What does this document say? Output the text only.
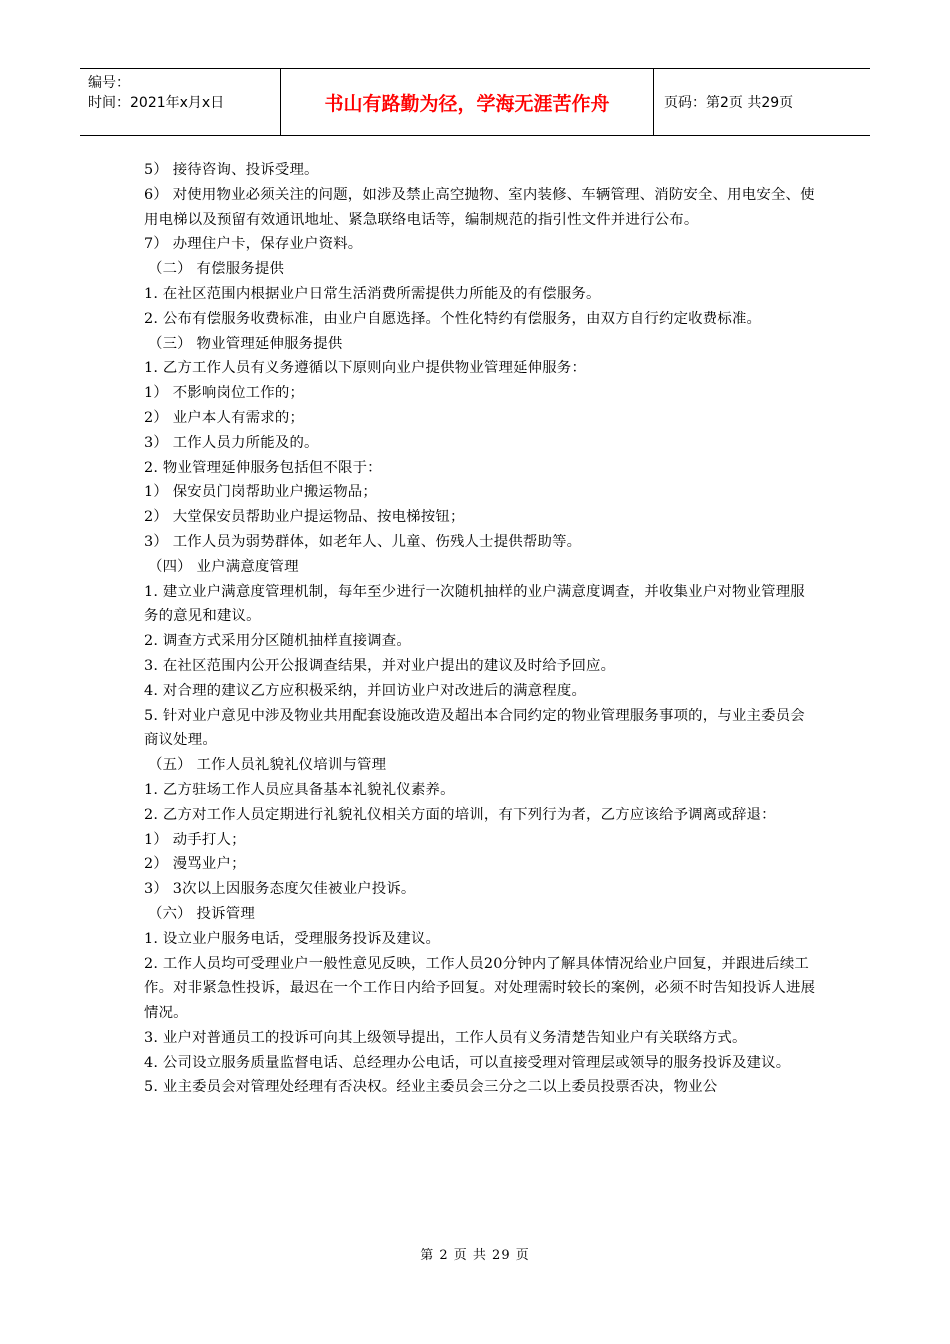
编号：
时间：2021年x月x日	书山有路勤为径，学海无涯苦作舟	页码：第2页 共29页

5） 接待咨询、投诉受理。

6） 对使用物业必须关注的问题，如涉及禁止高空抛物、室内装修、车辆管理、消防安全、用电安全、使用电梯以及预留有效通讯地址、紧急联络电话等，编制规范的指引性文件并进行公布。

7） 办理住户卡，保存业户资料。

（二） 有偿服务提供

1. 在社区范围内根据业户日常生活消费所需提供力所能及的有偿服务。

2. 公布有偿服务收费标准，由业户自愿选择。个性化特约有偿服务，由双方自行约定收费标准。

（三） 物业管理延伸服务提供

1. 乙方工作人员有义务遵循以下原则向业户提供物业管理延伸服务：

1） 不影响岗位工作的；

2） 业户本人有需求的；

3） 工作人员力所能及的。

2. 物业管理延伸服务包括但不限于：

1） 保安员门岗帮助业户搬运物品；

2） 大堂保安员帮助业户提运物品、按电梯按钮；

3） 工作人员为弱势群体，如老年人、儿童、伤残人士提供帮助等。

（四） 业户满意度管理

1. 建立业户满意度管理机制，每年至少进行一次随机抽样的业户满意度调查，并收集业户对物业管理服务的意见和建议。

2. 调查方式采用分区随机抽样直接调查。

3. 在社区范围内公开公报调查结果，并对业户提出的建议及时给予回应。

4. 对合理的建议乙方应积极采纳，并回访业户对改进后的满意程度。

5. 针对业户意见中涉及物业共用配套设施改造及超出本合同约定的物业管理服务事项的，与业主委员会商议处理。

（五） 工作人员礼貌礼仪培训与管理

1. 乙方驻场工作人员应具备基本礼貌礼仪素养。

2. 乙方对工作人员定期进行礼貌礼仪相关方面的培训，有下列行为者，乙方应该给予调离或辞退：

1） 动手打人；

2） 漫骂业户；

3） 3次以上因服务态度欠佳被业户投诉。

（六） 投诉管理

1. 设立业户服务电话，受理服务投诉及建议。

2. 工作人员均可受理业户一般性意见反映，工作人员20分钟内了解具体情况给业户回复，并跟进后续工作。对非紧急性投诉，最迟在一个工作日内给予回复。对处理需时较长的案例，必须不时告知投诉人进展情况。

3. 业户对普通员工的投诉可向其上级领导提出，工作人员有义务清楚告知业户有关联络方式。

4. 公司设立服务质量监督电话、总经理办公电话，可以直接受理对管理层或领导的服务投诉及建议。

5. 业主委员会对管理处经理有否决权。经业主委员会三分之二以上委员投票否决，物业公

第 2 页 共 29 页
